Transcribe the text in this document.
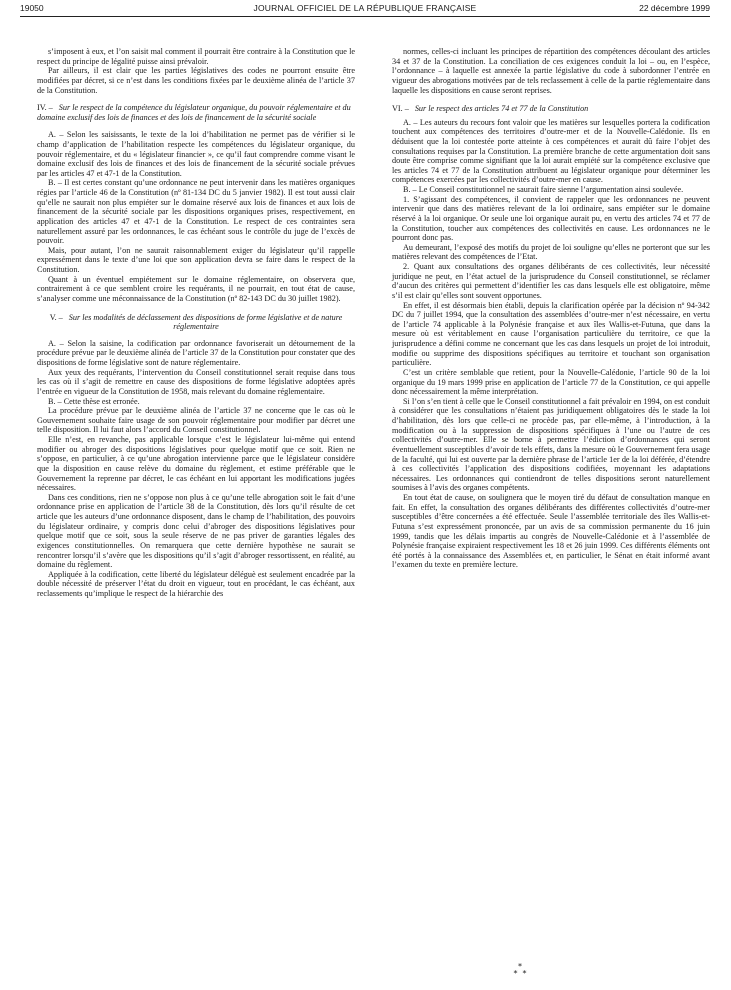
19050	JOURNAL OFFICIEL DE LA RÉPUBLIQUE FRANÇAISE	22 décembre 1999

s’imposent à eux, et l’on saisit mal comment il pourrait être contraire à la Constitution que le respect du principe de légalité puisse ainsi prévaloir.

Par ailleurs, il est clair que les parties législatives des codes ne pourront ensuite être modifiées par décret, si ce n’est dans les conditions fixées par le deuxième alinéa de l’article 37 de la Constitution.

IV. – Sur le respect de la compétence du législateur organique, du pouvoir réglementaire et du domaine exclusif des lois de finances et des lois de financement de la sécurité sociale

A. – Selon les saisissants, le texte de la loi d’habilitation ne permet pas de vérifier si le champ d’application de l’habilitation respecte les compétences du législateur organique, du pouvoir réglementaire, et du « législateur financier », ce qu’il faut comprendre comme visant le domaine exclusif des lois de finances et des lois de financement de la sécurité sociale prévues par les articles 47 et 47-1 de la Constitution.

B. – Il est certes constant qu’une ordonnance ne peut intervenir dans les matières organiques régies par l’article 46 de la Constitution (nº 81-134 DC du 5 janvier 1982). Il est tout aussi clair qu’elle ne saurait non plus empiéter sur le domaine réservé aux lois de finances et aux lois de financement de la sécurité sociale par les dispositions organiques prises, respectivement, en application des articles 47 et 47-1 de la Constitution. Le respect de ces contraintes sera naturellement assuré par les ordonnances, le cas échéant sous le contrôle du juge de l’excès de pouvoir.

Mais, pour autant, l’on ne saurait raisonnablement exiger du législateur qu’il rappelle expressément dans le texte d’une loi que son application devra se faire dans le respect de la Constitution.

Quant à un éventuel empiétement sur le domaine réglementaire, on observera que, contrairement à ce que semblent croire les requérants, il ne pourrait, en tout état de cause, s’analyser comme une méconnaissance de la Constitution (nº 82-143 DC du 30 juillet 1982).

V. – Sur les modalités de déclassement des dispositions de forme législative et de nature réglementaire

A. – Selon la saisine, la codification par ordonnance favoriserait un détournement de la procédure prévue par le deuxième alinéa de l’article 37 de la Constitution pour constater que des dispositions de forme législative sont de nature réglementaire.

Aux yeux des requérants, l’intervention du Conseil constitutionnel serait requise dans tous les cas où il s’agit de remettre en cause des dispositions de forme législative adoptées après l’entrée en vigueur de la Constitution de 1958, mais relevant du domaine réglementaire.

B. – Cette thèse est erronée.

La procédure prévue par le deuxième alinéa de l’article 37 ne concerne que le cas où le Gouvernement souhaite faire usage de son pouvoir réglementaire pour modifier par décret une telle disposition. Il lui faut alors l’accord du Conseil constitutionnel.

Elle n’est, en revanche, pas applicable lorsque c’est le législateur lui-même qui entend modifier ou abroger des dispositions législatives pour quelque motif que ce soit. Rien ne s’oppose, en particulier, à ce qu’une abrogation intervienne parce que le législateur considère que la disposition en cause relève du domaine du règlement, et estime préférable que le Gouvernement la reprenne par décret, le cas échéant en lui apportant les modifications jugées nécessaires.

Dans ces conditions, rien ne s’oppose non plus à ce qu’une telle abrogation soit le fait d’une ordonnance prise en application de l’article 38 de la Constitution, dès lors qu’il résulte de cet article que les auteurs d’une ordonnance disposent, dans le champ de l’habilitation, des pouvoirs du législateur ordinaire, y compris donc celui d’abroger des dispositions législatives pour quelque motif que ce soit, sous la seule réserve de ne pas priver de garanties légales des exigences constitutionnelles. On remarquera que cette dernière hypothèse ne saurait se rencontrer lorsqu’il s’avère que les dispositions qu’il s’agit d’abroger ressortissent, en réalité, au domaine du règlement.

Appliquée à la codification, cette liberté du législateur déléguè est seulement encadrée par la double nécessité de préserver l’état du droit en vigueur, tout en procédant, le cas échéant, aux reclassements qu’implique le respect de la hiérarchie des

normes, celles-ci incluant les principes de répartition des compétences découlant des articles 34 et 37 de la Constitution. La conciliation de ces exigences conduit la loi – ou, en l’espèce, l’ordonnance – à laquelle est annexée la partie législative du code à subordonner l’entrée en vigueur des abrogations motivées par de tels reclassement à celle de la partie réglementaire dans laquelle les dispositions en cause seront reprises.

VI. – Sur le respect des articles 74 et 77 de la Constitution

A. – Les auteurs du recours font valoir que les matières sur lesquelles portera la codification touchent aux compétences des territoires d’outre-mer et de la Nouvelle-Calédonie. Ils en déduisent que la loi contestée porte atteinte à ces compétences et aurait dû faire l’objet des consultations requises par la Constitution. La première branche de cette argumentation doit sans doute être comprise comme signifiant que la loi aurait empiété sur la compétence exclusive que les articles 74 et 77 de la Constitution attribuent au législateur organique pour déterminer les compétences exercées par les collectivités d’outre-mer en cause.

B. – Le Conseil constitutionnel ne saurait faire sienne l’argumentation ainsi soulevée.

1. S’agissant des compétences, il convient de rappeler que les ordonnances ne peuvent intervenir que dans des matières relevant de la loi ordinaire, sans empiéter sur le domaine réservé à la loi organique. Or seule une loi organique aurait pu, en vertu des articles 74 et 77 de la Constitution, toucher aux compétences des collectivités en cause. Les ordonnances ne le pourront donc pas.

Au demeurant, l’exposé des motifs du projet de loi souligne qu’elles ne porteront que sur les matières relevant des compétences de l’Etat.

2. Quant aux consultations des organes délibérants de ces collectivités, leur nécessité juridique ne peut, en l’état actuel de la jurisprudence du Conseil constitutionnel, se réclamer d’aucun des critères qui permettent d’identifier les cas dans lesquels elle est obligatoire, même s’il est clair qu’elles sont souvent opportunes.

En effet, il est désormais bien établi, depuis la clarification opérée par la décision nº 94-342 DC du 7 juillet 1994, que la consultation des assemblées d’outre-mer n’est nécessaire, en vertu de l’article 74 applicable à la Polynésie française et aux îles Wallis-et-Futuna, que dans la mesure où est véritablement en cause l’organisation particulière du territoire, ce que la jurisprudence a défini comme ne concernant que les cas dans lesquels un projet de loi introduit, modifie ou supprime des dispositions spécifiques au territoire et touchant son organisation particulière.

C’est un critère semblable que retient, pour la Nouvelle-Calédonie, l’article 90 de la loi organique du 19 mars 1999 prise en application de l’article 77 de la Constitution, ce qui appelle donc nécessairement la même interprétation.

Si l’on s’en tient à celle que le Conseil constitutionnel a fait prévaloir en 1994, on est conduit à considérer que les consultations n’étaient pas juridiquement obligatoires dès le stade la loi d’habilitation, dès lors que celle-ci ne procède pas, par elle-même, à l’introduction, à la modification ou à la suppression de dispositions spécifiques à l’une ou l’autre de ces collectivités d’outre-mer. Elle se borne à permettre l’édiction d’ordonnances qui seront éventuellement susceptibles d’avoir de tels effets, dans la mesure où le Gouvernement fera usage de la faculté, qui lui est ouverte par la dernière phrase de l’article 1er de la loi déférée, d’étendre à ces collectivités l’application des dispositions codifiées, moyennant les adaptations nécessaires. Les ordonnances qui contiendront de telles dispositions seront naturellement soumises à l’avis des organes compétents.

En tout état de cause, on soulignera que le moyen tiré du défaut de consultation manque en fait. En effet, la consultation des organes délibérants des différentes collectivités d’outre-mer susceptibles d’être concernées a été effectuée. Seule l’assemblée territoriale des îles Wallis-et-Futuna s’est expressément prononcée, par un avis de sa commission permanente du 16 juin 1999, tandis que les délais impartis au congrès de Nouvelle-Calédonie et à l’assemblée de Polynésie française expiraient respectivement les 18 et 26 juin 1999. Ces différents éléments ont été portés à la connaissance des Assemblées et, en particulier, le Sénat en était informé avant l’examen du texte en première lecture.

*
*  *
